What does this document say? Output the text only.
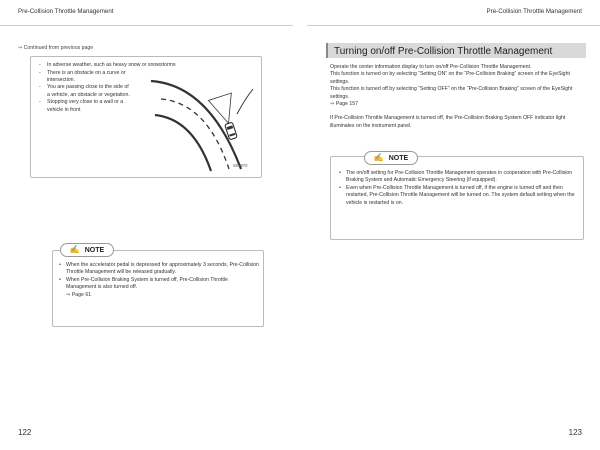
Pre-Collision Throttle Management	Pre-Collision Throttle Management
⇒ Continued from previous page
- In adverse weather, such as heavy snow or snowstorms
- There is an obstacle on a curve or intersection.
- You are passing close to the side of a vehicle, an obstacle or vegetation.
- Stopping very close to a wall or a vehicle in front
S01970
• When the accelerator pedal is depressed for approximately 3 seconds, Pre-Collision Throttle Management will be released gradually.
• When Pre-Collision Braking System is turned off, Pre-Collision Throttle Management is also turned off.
⇒ Page 61
✍ NOTE
122
Turning on/off Pre-Collision Throttle Management
Operate the center information display to turn on/off Pre-Collision Throttle Management.
This function is turned on by selecting “Setting ON” on the “Pre-Collision Braking” screen of the EyeSight settings.
This function is turned off by selecting “Setting OFF” on the “Pre-Collision Braking” screen of the EyeSight settings.
⇒ Page 157
If Pre-Collision Throttle Management is turned off, the Pre-Collision Braking System OFF indicator light illuminates on the instrument panel.
• The on/off setting for Pre-Collision Throttle Management operates in cooperation with Pre-Collision Braking System and Automatic Emergency Steering (if equipped).
• Even when Pre-Collision Throttle Management is turned off, if the engine is turned off and then restarted, Pre-Collision Throttle Management will be turned on. The system default setting when the vehicle is restarted is on.
✍ NOTE
123
